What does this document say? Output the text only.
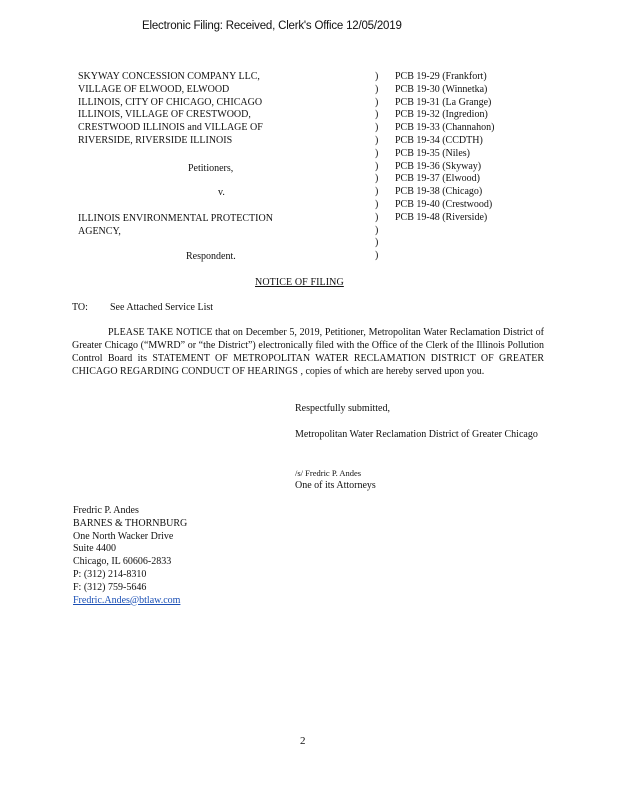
Electronic Filing: Received, Clerk's Office 12/05/2019
SKYWAY CONCESSION COMPANY LLC,
VILLAGE OF ELWOOD, ELWOOD
ILLINOIS, CITY OF CHICAGO, CHICAGO
ILLINOIS, VILLAGE OF CRESTWOOD,
CRESTWOOD ILLINOIS and VILLAGE OF
RIVERSIDE, RIVERSIDE ILLINOIS
Petitioners,
v.
ILLINOIS ENVIRONMENTAL PROTECTION
AGENCY,
Respondent.
)
)
)
)
)
)
)
)
)
)
)
)
)
)
)
PCB 19-29 (Frankfort)
PCB 19-30 (Winnetka)
PCB 19-31 (La Grange)
PCB 19-32 (Ingredion)
PCB 19-33 (Channahon)
PCB 19-34 (CCDTH)
PCB 19-35 (Niles)
PCB 19-36 (Skyway)
PCB 19-37 (Elwood)
PCB 19-38 (Chicago)
PCB 19-40 (Crestwood)
PCB 19-48 (Riverside)
NOTICE OF FILING
TO: See Attached Service List
PLEASE TAKE NOTICE that on December 5, 2019, Petitioner, Metropolitan Water Reclamation District of Greater Chicago (“MWRD” or “the District”) electronically filed with the Office of the Clerk of the Illinois Pollution Control Board its STATEMENT OF METROPOLITAN WATER RECLAMATION DISTRICT OF GREATER CHICAGO REGARDING CONDUCT OF HEARINGS , copies of which are hereby served upon you.
Respectfully submitted,
Metropolitan Water Reclamation District of Greater Chicago
/s/ Fredric P. Andes
One of its Attorneys
Fredric P. Andes
BARNES & THORNBURG
One North Wacker Drive
Suite 4400
Chicago, IL 60606-2833
P: (312) 214-8310
F: (312) 759-5646
Fredric.Andes@btlaw.com
2
